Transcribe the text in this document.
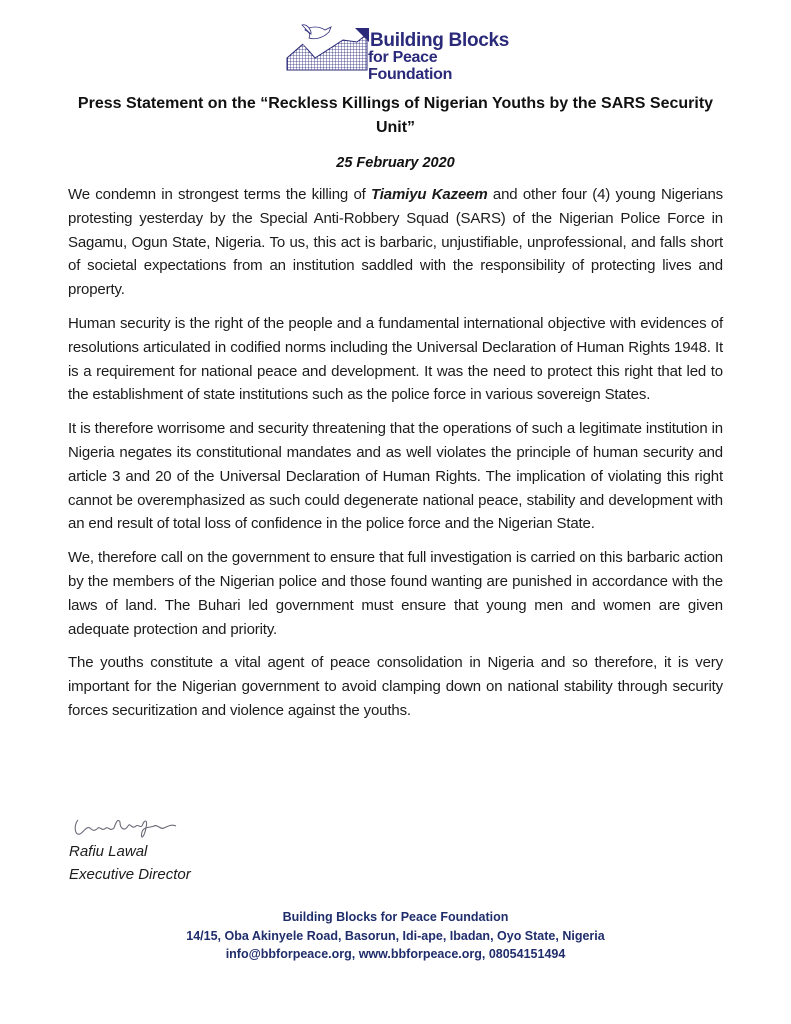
Building Blocks
for Peace Foundation
Press Statement on the “Reckless Killings of Nigerian Youths by the SARS Security Unit”
25 February 2020

We condemn in strongest terms the killing of Tiamiyu Kazeem and other four (4) young Nigerians protesting yesterday by the Special Anti-Robbery Squad (SARS) of the Nigerian Police Force in Sagamu, Ogun State, Nigeria. To us, this act is barbaric, unjustifiable, unprofessional, and falls short of societal expectations from an institution saddled with the responsibility of protecting lives and property.

Human security is the right of the people and a fundamental international objective with evidences of resolutions articulated in codified norms including the Universal Declaration of Human Rights 1948. It is a requirement for national peace and development. It was the need to protect this right that led to the establishment of state institutions such as the police force in various sovereign States.

It is therefore worrisome and security threatening that the operations of such a legitimate institution in Nigeria negates its constitutional mandates and as well violates the principle of human security and article 3 and 20 of the Universal Declaration of Human Rights. The implication of violating this right cannot be overemphasized as such could degenerate national peace, stability and development with an end result of total loss of confidence in the police force and the Nigerian State.

We, therefore call on the government to ensure that full investigation is carried on this barbaric action by the members of the Nigerian police and those found wanting are punished in accordance with the laws of land. The Buhari led government must ensure that young men and women are given adequate protection and priority.

The youths constitute a vital agent of peace consolidation in Nigeria and so therefore, it is very important for the Nigerian government to avoid clamping down on national stability through security forces securitization and violence against the youths.

Rafiu Lawal
Executive Director
Building Blocks for Peace Foundation
14/15, Oba Akinyele Road, Basorun, Idi-ape, Ibadan, Oyo State, Nigeria
info@bbforpeace.org, www.bbforpeace.org, 08054151494
